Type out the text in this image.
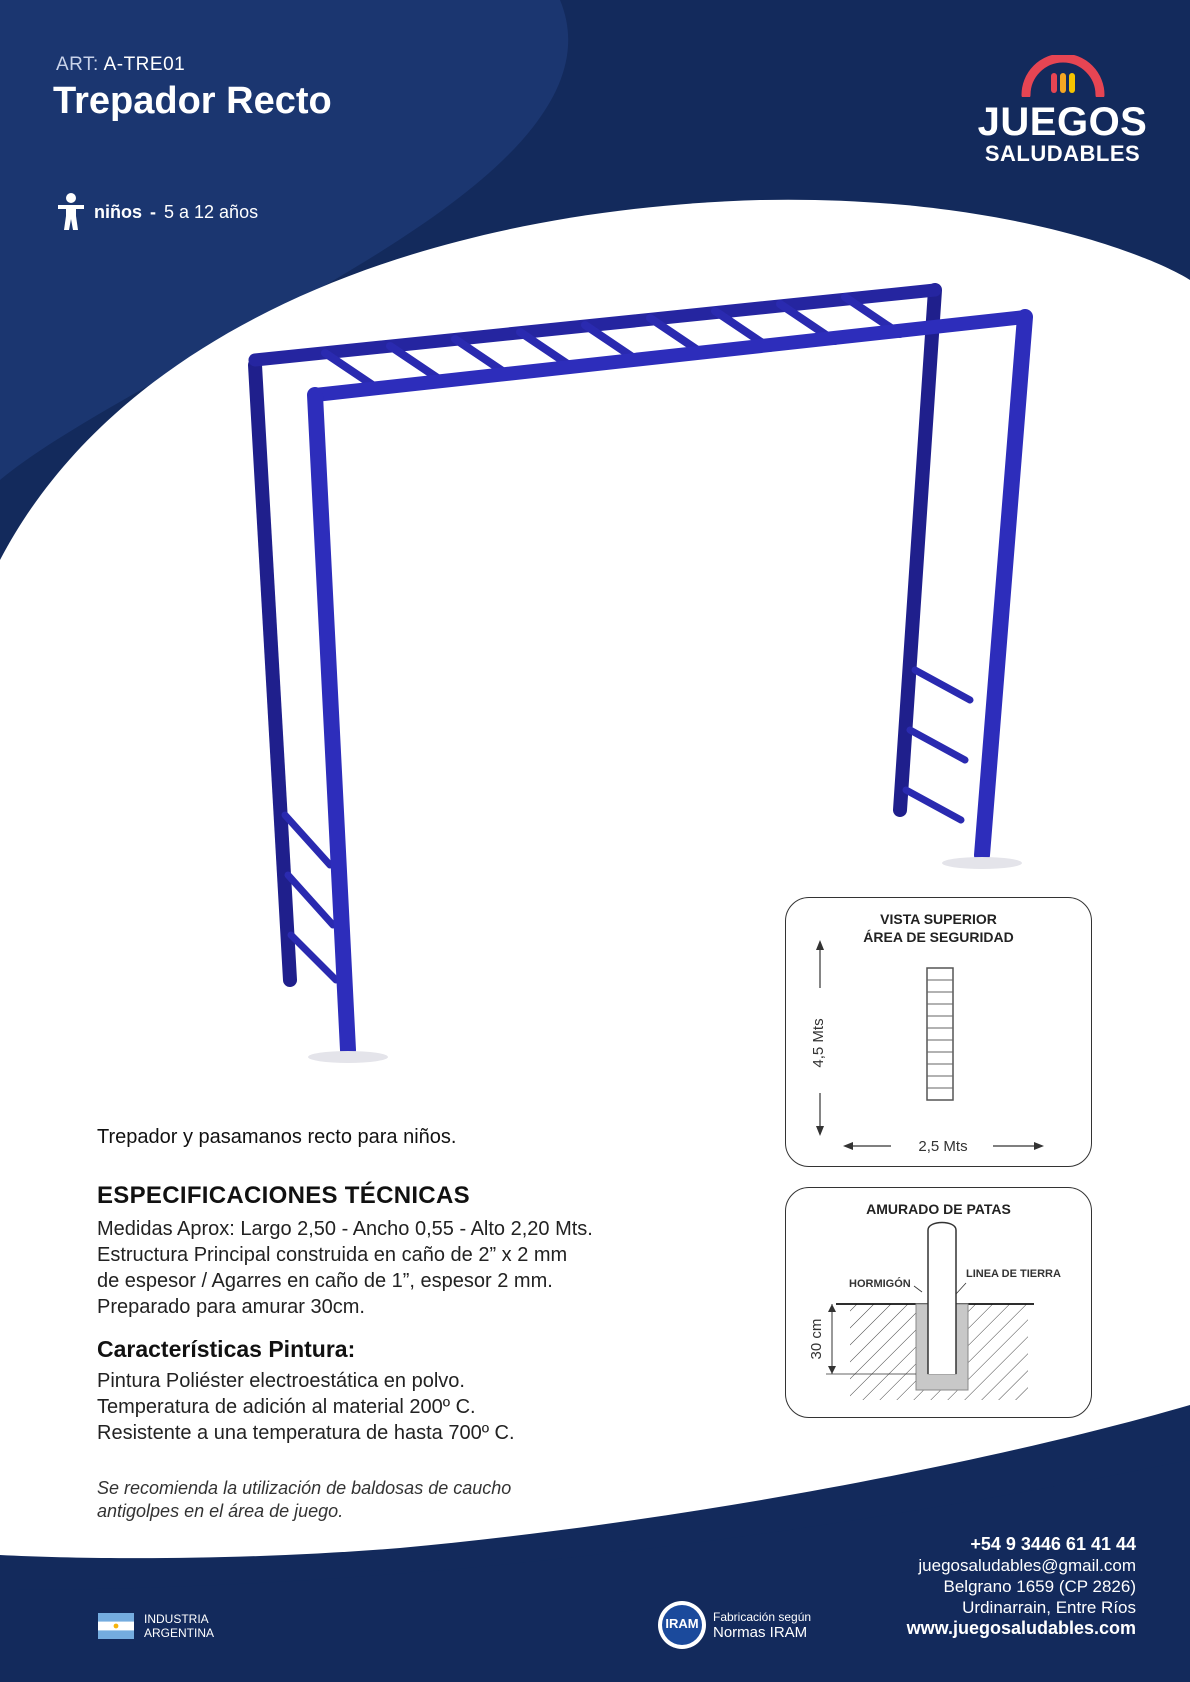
ART: A-TRE01
Trepador Recto
niños - 5 a 12 años
JUEGOS
SALUDABLES
Trepador y pasamanos recto para niños.
ESPECIFICACIONES TÉCNICAS
Medidas Aprox: Largo 2,50 - Ancho 0,55 - Alto 2,20 Mts.
Estructura Principal construida en caño de 2” x 2 mm
de espesor / Agarres en caño de 1”, espesor 2 mm.
Preparado para amurar 30cm.
Características Pintura:
Pintura Poliéster electroestática en polvo.
Temperatura de adición al material 200º C.
Resistente a una temperatura de hasta 700º C.
Se recomienda la utilización de baldosas de caucho
antigolpes en el área de juego.
VISTA SUPERIOR
ÁREA DE SEGURIDAD
4,5 Mts
2,5 Mts
AMURADO DE PATAS
HORMIGÓN
LINEA DE TIERRA
30 cm
+54 9 3446 61 41 44
juegosaludables@gmail.com
Belgrano 1659 (CP 2826)
Urdinarrain, Entre Ríos
www.juegosaludables.com
INDUSTRIA
ARGENTINA
IRAM	Fabricación según
Normas IRAM
